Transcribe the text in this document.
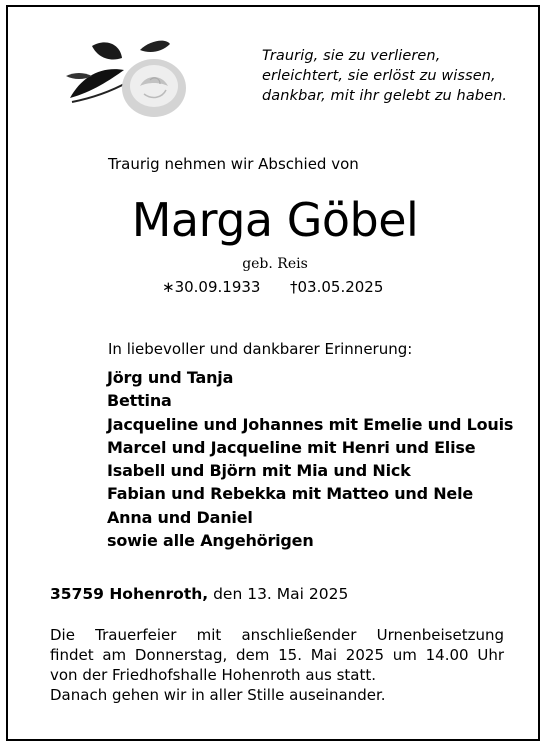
Traurig, sie zu verlieren,
erleichtert, sie erlöst zu wissen,
dankbar, mit ihr gelebt zu haben.
Traurig nehmen wir Abschied von
Marga Göbel
geb. Reis
∗30.09.1933 †03.05.2025
In liebevoller und dankbarer Erinnerung:
Jörg und Tanja
Bettina
Jacqueline und Johannes mit Emelie und Louis
Marcel und Jacqueline mit Henri und Elise
Isabell und Björn mit Mia und Nick
Fabian und Rebekka mit Matteo und Nele
Anna und Daniel
sowie alle Angehörigen
35759 Hohenroth, den 13. Mai 2025
Die Trauerfeier mit anschließender Urnenbeisetzung
findet am Donnerstag, dem 15. Mai 2025 um 14.00 Uhr
von der Friedhofshalle Hohenroth aus statt.
Danach gehen wir in aller Stille auseinander.
